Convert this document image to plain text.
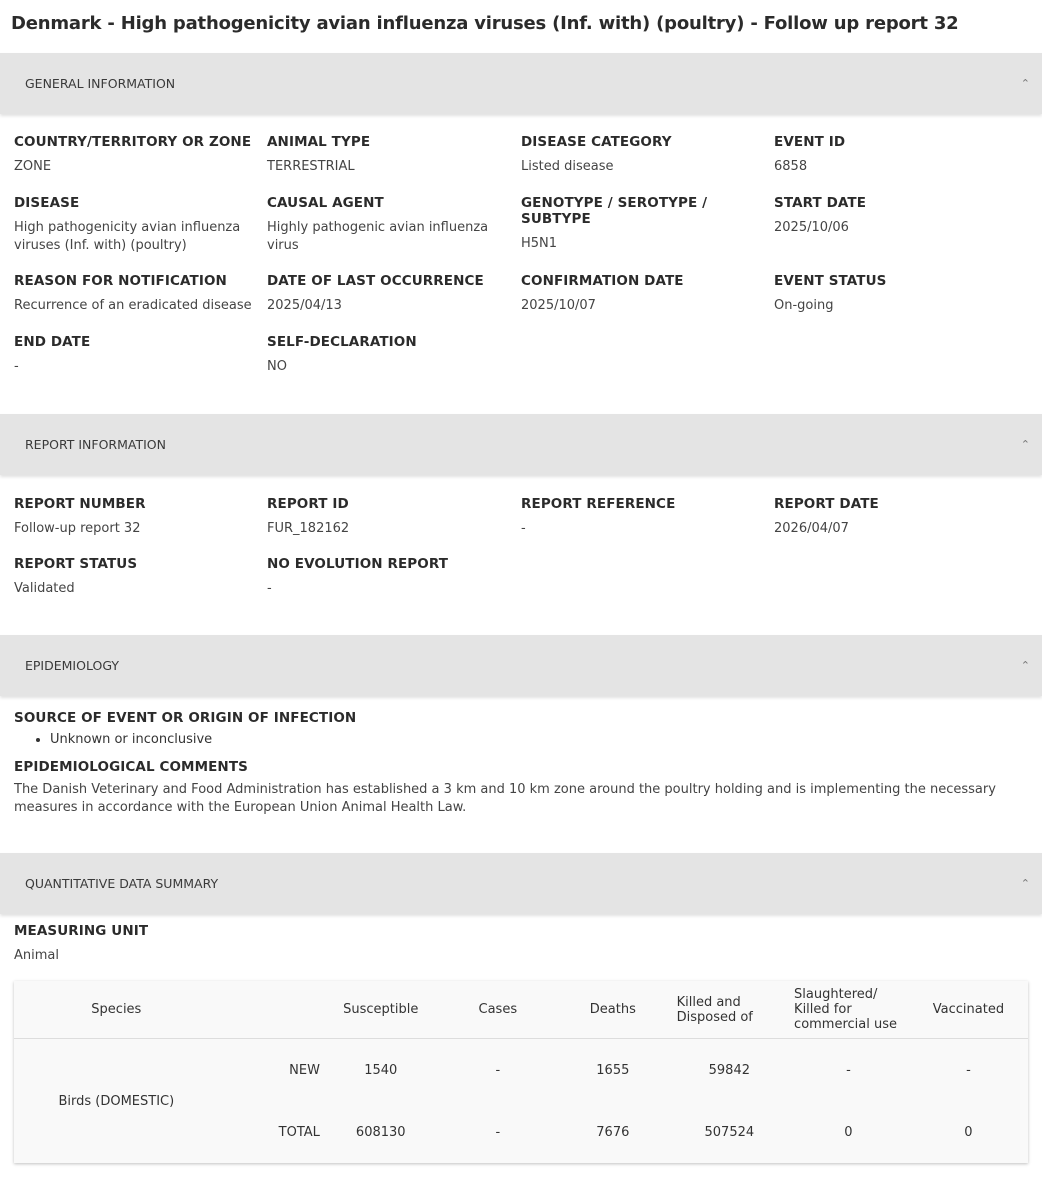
Denmark - High pathogenicity avian influenza viruses (Inf. with) (poultry) - Follow up report 32
GENERAL INFORMATION	⌃
COUNTRY/TERRITORY OR ZONE
ZONE
ANIMAL TYPE
TERRESTRIAL
DISEASE CATEGORY
Listed disease
EVENT ID
6858
DISEASE
High pathogenicity avian influenza viruses (Inf. with) (poultry)
CAUSAL AGENT
Highly pathogenic avian influenza virus
GENOTYPE / SEROTYPE / SUBTYPE
H5N1
START DATE
2025/10/06
REASON FOR NOTIFICATION
Recurrence of an eradicated disease
DATE OF LAST OCCURRENCE
2025/04/13
CONFIRMATION DATE
2025/10/07
EVENT STATUS
On-going
END DATE
-
SELF-DECLARATION
NO
REPORT INFORMATION	⌃
REPORT NUMBER
Follow-up report 32
REPORT ID
FUR_182162
REPORT REFERENCE
-
REPORT DATE
2026/04/07
REPORT STATUS
Validated
NO EVOLUTION REPORT
-
EPIDEMIOLOGY	⌃
SOURCE OF EVENT OR ORIGIN OF INFECTION
• Unknown or inconclusive
EPIDEMIOLOGICAL COMMENTS

The Danish Veterinary and Food Administration has established a 3 km and 10 km zone around the poultry holding and is implementing the necessary measures in accordance with the European Union Animal Health Law.

QUANTITATIVE DATA SUMMARY	⌃
MEASURING UNIT
Animal
Species		Susceptible	Cases	Deaths	Killed and Disposed of	Slaughtered/ Killed for commercial use	Vaccinated
Birds (DOMESTIC)	NEW	1540	-	1655	59842	-	-
	TOTAL	608130	-	7676	507524	0	0
